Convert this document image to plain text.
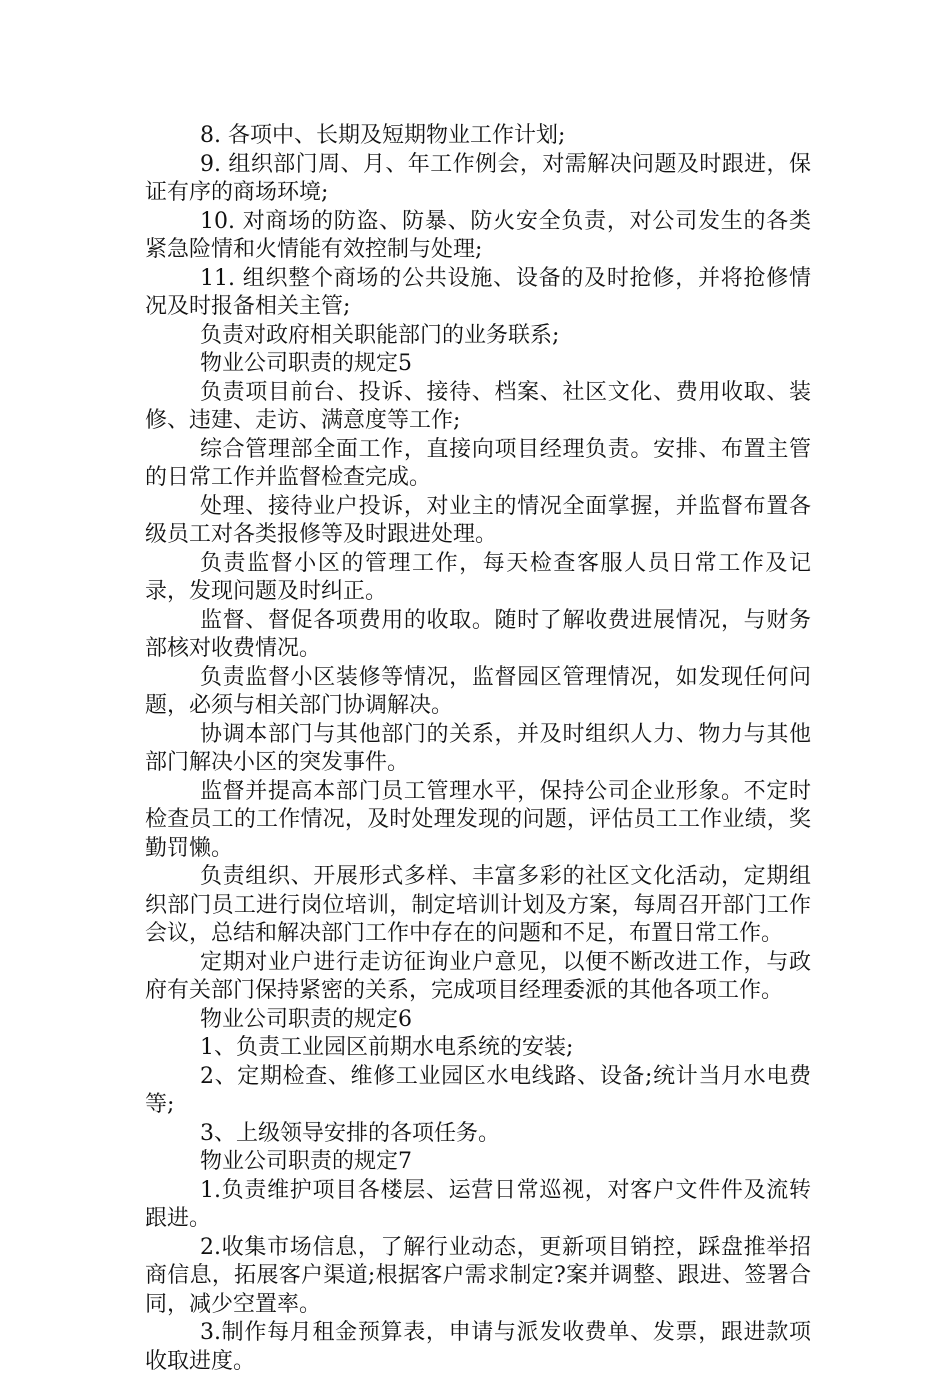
8. 各项中、长期及短期物业工作计划;

9. 组织部门周、月、年工作例会，对需解决问题及时跟进，保证有序的商场环境;

10. 对商场的防盗、防暴、防火安全负责，对公司发生的各类紧急险情和火情能有效控制与处理;

11. 组织整个商场的公共设施、设备的及时抢修，并将抢修情况及时报备相关主管;

负责对政府相关职能部门的业务联系;

物业公司职责的规定5

负责项目前台、投诉、接待、档案、社区文化、费用收取、装修、违建、走访、满意度等工作;

综合管理部全面工作，直接向项目经理负责。安排、布置主管的日常工作并监督检查完成。

处理、接待业户投诉，对业主的情况全面掌握，并监督布置各级员工对各类报修等及时跟进处理。

负责监督小区的管理工作，每天检查客服人员日常工作及记录，发现问题及时纠正。

监督、督促各项费用的收取。随时了解收费进展情况，与财务部核对收费情况。

负责监督小区装修等情况，监督园区管理情况，如发现任何问题，必须与相关部门协调解决。

协调本部门与其他部门的关系，并及时组织人力、物力与其他部门解决小区的突发事件。

监督并提高本部门员工管理水平，保持公司企业形象。不定时检查员工的工作情况，及时处理发现的问题，评估员工工作业绩，奖勤罚懒。

负责组织、开展形式多样、丰富多彩的社区文化活动，定期组织部门员工进行岗位培训，制定培训计划及方案，每周召开部门工作会议，总结和解决部门工作中存在的问题和不足，布置日常工作。

定期对业户进行走访征询业户意见，以便不断改进工作，与政府有关部门保持紧密的关系，完成项目经理委派的其他各项工作。

物业公司职责的规定6

1、负责工业园区前期水电系统的安装;

2、定期检查、维修工业园区水电线路、设备;统计当月水电费等;

3、上级领导安排的各项任务。

物业公司职责的规定7

1.负责维护项目各楼层、运营日常巡视，对客户文件件及流转跟进。

2.收集市场信息，了解行业动态，更新项目销控，踩盘推举招商信息，拓展客户渠道;根据客户需求制定?案并调整、跟进、签署合同，减少空置率。

3.制作每月租金预算表，申请与派发收费单、发票，跟进款项收取进度。
